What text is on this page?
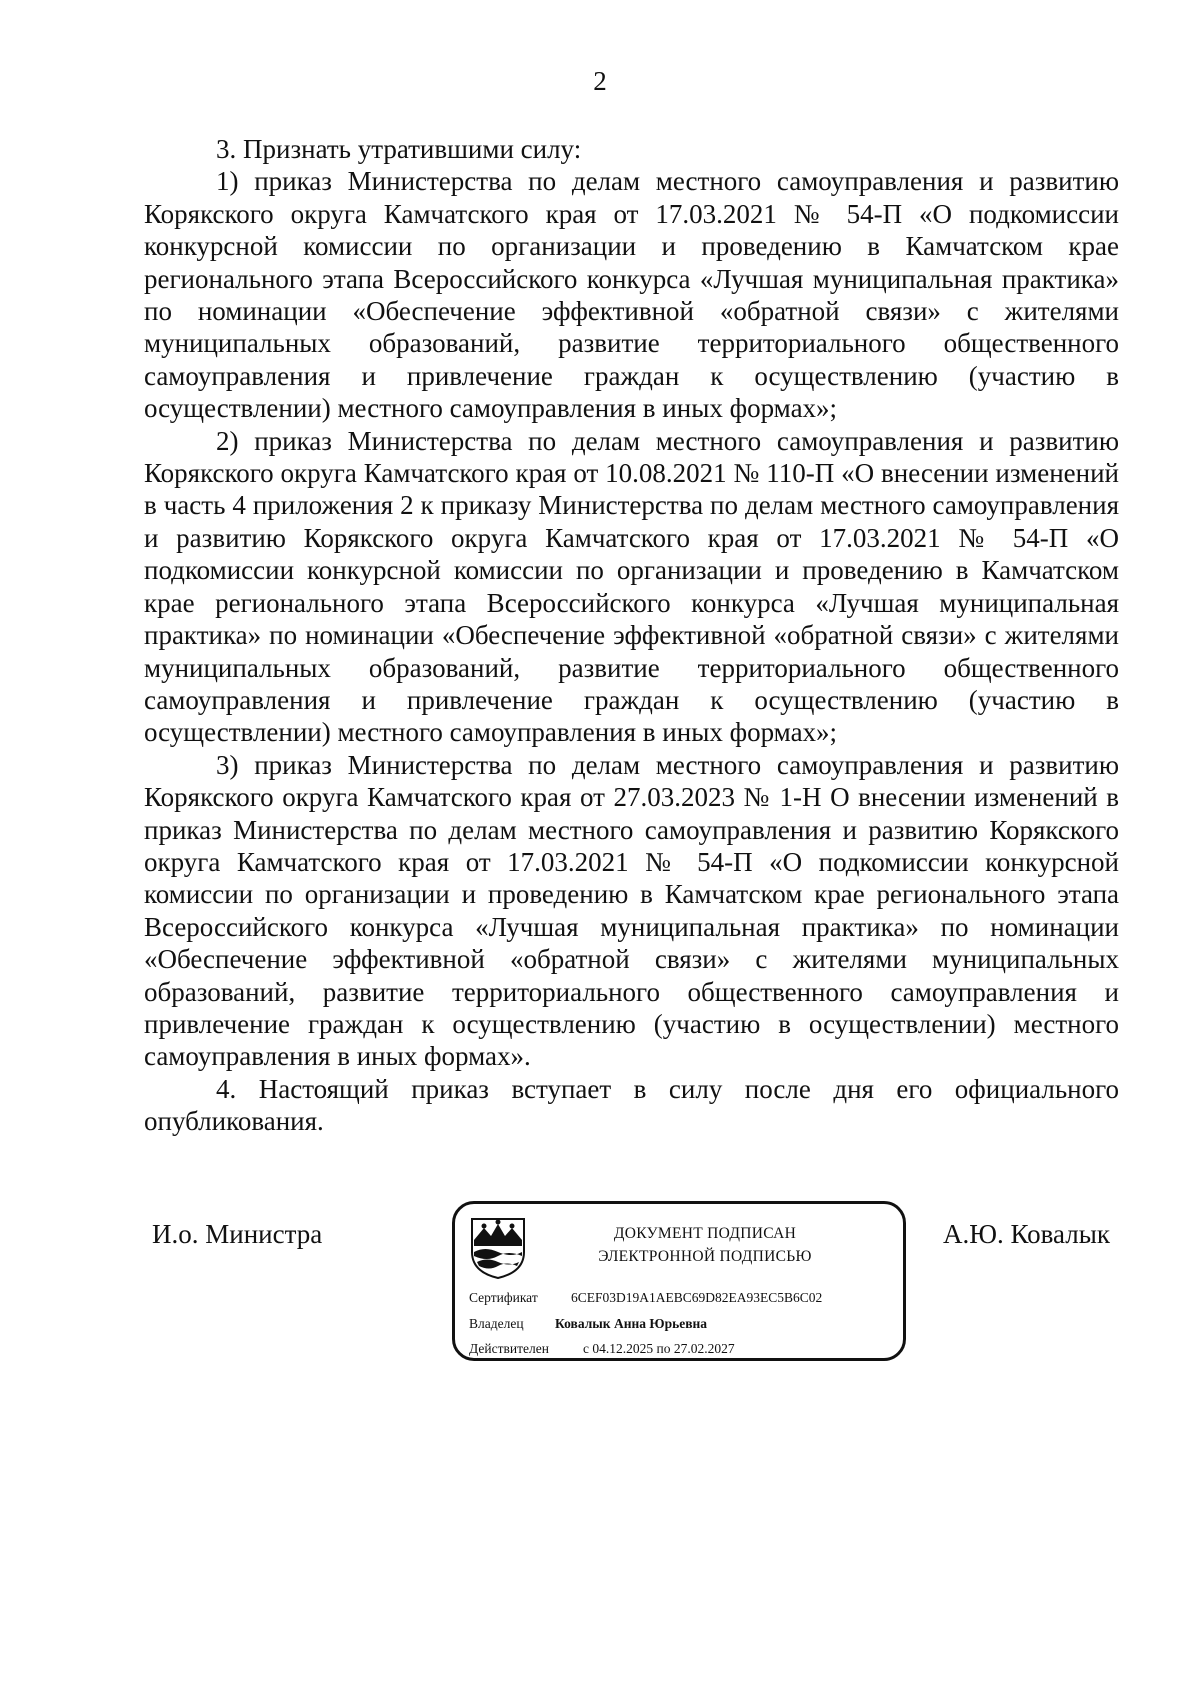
2

3. Признать утратившими силу:

1) приказ Министерства по делам местного самоуправления и развитию Корякского округа Камчатского края от 17.03.2021 № 54-П «О подкомиссии конкурсной комиссии по организации и проведению в Камчатском крае регионального этапа Всероссийского конкурса «Лучшая муниципальная практика» по номинации «Обеспечение эффективной «обратной связи» с жителями муниципальных образований, развитие территориального общественного самоуправления и привлечение граждан к осуществлению (участию в осуществлении) местного самоуправления в иных формах»;

2) приказ Министерства по делам местного самоуправления и развитию Корякского округа Камчатского края от 10.08.2021 № 110-П «О внесении изменений в часть 4 приложения 2 к приказу Министерства по делам местного самоуправления и развитию Корякского округа Камчатского края от 17.03.2021 № 54-П «О подкомиссии конкурсной комиссии по организации и проведению в Камчатском крае регионального этапа Всероссийского конкурса «Лучшая муниципальная практика» по номинации «Обеспечение эффективной «обратной связи» с жителями муниципальных образований, развитие территориального общественного самоуправления и привлечение граждан к осуществлению (участию в осуществлении) местного самоуправления в иных формах»;

3) приказ Министерства по делам местного самоуправления и развитию Корякского округа Камчатского края от 27.03.2023 № 1-Н О внесении изменений в приказ Министерства по делам местного самоуправления и развитию Корякского округа Камчатского края от 17.03.2021 № 54-П «О подкомиссии конкурсной комиссии по организации и проведению в Камчатском крае регионального этапа Всероссийского конкурса «Лучшая муниципальная практика» по номинации «Обеспечение эффективной «обратной связи» с жителями муниципальных образований, развитие территориального общественного самоуправления и привлечение граждан к осуществлению (участию в осуществлении) местного самоуправления в иных формах».

4. Настоящий приказ вступает в силу после дня его официального опубликования.

И.о. Министра	ДОКУМЕНТ ПОДПИСАН
ЭЛЕКТРОННОЙ ПОДПИСЬЮ
Сертификат 6CEF03D19A1AEBC69D82EA93EC5B6C02
Владелец Ковалык Анна Юрьевна
Действителен	с 04.12.2025 по 27.02.2027
А.Ю. Ковалык
